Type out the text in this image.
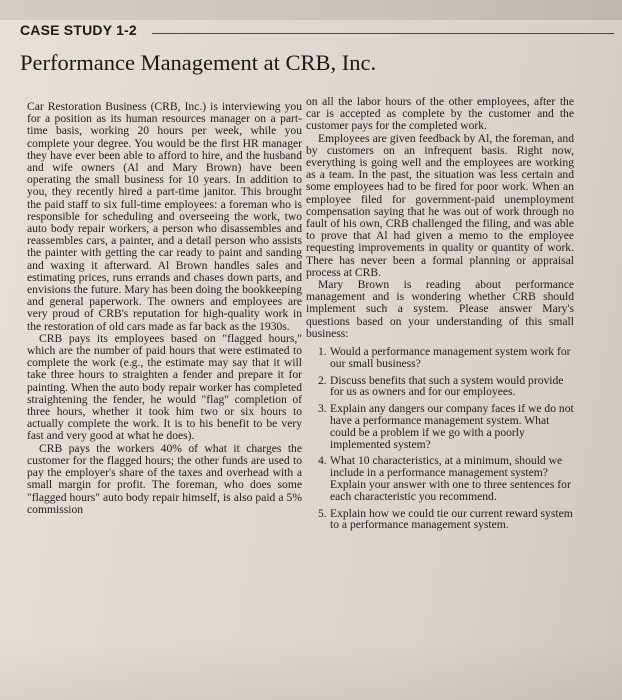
CASE STUDY 1-2
Performance Management at CRB, Inc.

Car Restoration Business (CRB, Inc.) is interviewing you for a position as its human resources manager on a part-time basis, working 20 hours per week, while you complete your degree. You would be the first HR manager they have ever been able to afford to hire, and the husband and wife owners (Al and Mary Brown) have been operating the small business for 10 years. In addition to you, they recently hired a part-time janitor. This brought the paid staff to six full-time employees: a foreman who is responsible for scheduling and overseeing the work, two auto body repair workers, a person who disassembles and reassembles cars, a painter, and a detail person who assists the painter with getting the car ready to paint and sanding and waxing it afterward. Al Brown handles sales and estimating prices, runs errands and chases down parts, and envisions the future. Mary has been doing the bookkeeping and general paperwork. The owners and employees are very proud of CRB's reputation for high-quality work in the restoration of old cars made as far back as the 1930s.

CRB pays its employees based on "flagged hours," which are the number of paid hours that were estimated to complete the work (e.g., the estimate may say that it will take three hours to straighten a fender and prepare it for painting. When the auto body repair worker has completed straightening the fender, he would "flag" completion of three hours, whether it took him two or six hours to actually complete the work. It is to his benefit to be very fast and very good at what he does).

CRB pays the workers 40% of what it charges the customer for the flagged hours; the other funds are used to pay the employer's share of the taxes and overhead with a small margin for profit. The foreman, who does some "flagged hours" auto body repair himself, is also paid a 5% commission

on all the labor hours of the other employees, after the car is accepted as complete by the customer and the customer pays for the completed work.

Employees are given feedback by Al, the foreman, and by customers on an infrequent basis. Right now, everything is going well and the employees are working as a team. In the past, the situation was less certain and some employees had to be fired for poor work. When an employee filed for government-paid unemployment compensation saying that he was out of work through no fault of his own, CRB challenged the filing, and was able to prove that Al had given a memo to the employee requesting improvements in quality or quantity of work. There has never been a formal planning or appraisal process at CRB.

Mary Brown is reading about performance management and is wondering whether CRB should implement such a system. Please answer Mary's questions based on your understanding of this small business:

1. Would a performance management system work for our small business?
2. Discuss benefits that such a system would provide for us as owners and for our employees.
3. Explain any dangers our company faces if we do not have a performance management system. What could be a problem if we go with a poorly implemented system?
4. What 10 characteristics, at a minimum, should we include in a performance management system? Explain your answer with one to three sentences for each characteristic you recommend.
5. Explain how we could tie our current reward system to a performance management system.
